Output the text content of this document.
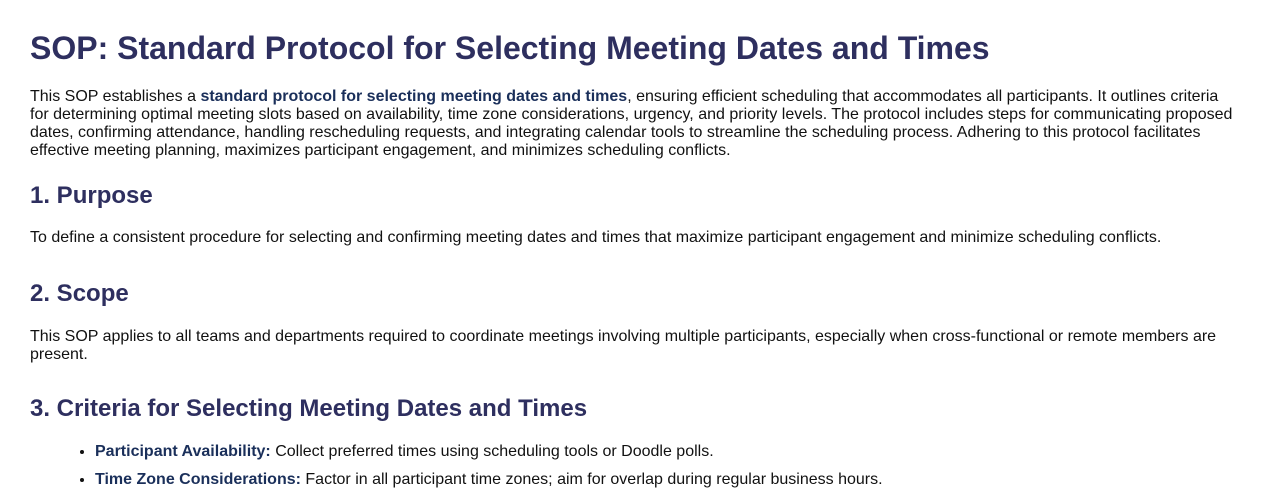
SOP: Standard Protocol for Selecting Meeting Dates and Times

This SOP establishes a standard protocol for selecting meeting dates and times, ensuring efficient scheduling that accommodates all participants. It outlines criteria for determining optimal meeting slots based on availability, time zone considerations, urgency, and priority levels. The protocol includes steps for communicating proposed dates, confirming attendance, handling rescheduling requests, and integrating calendar tools to streamline the scheduling process. Adhering to this protocol facilitates effective meeting planning, maximizes participant engagement, and minimizes scheduling conflicts.

1. Purpose

To define a consistent procedure for selecting and confirming meeting dates and times that maximize participant engagement and minimize scheduling conflicts.

2. Scope

This SOP applies to all teams and departments required to coordinate meetings involving multiple participants, especially when cross-functional or remote members are present.

3. Criteria for Selecting Meeting Dates and Times
• Participant Availability: Collect preferred times using scheduling tools or Doodle polls.
• Time Zone Considerations: Factor in all participant time zones; aim for overlap during regular business hours.
